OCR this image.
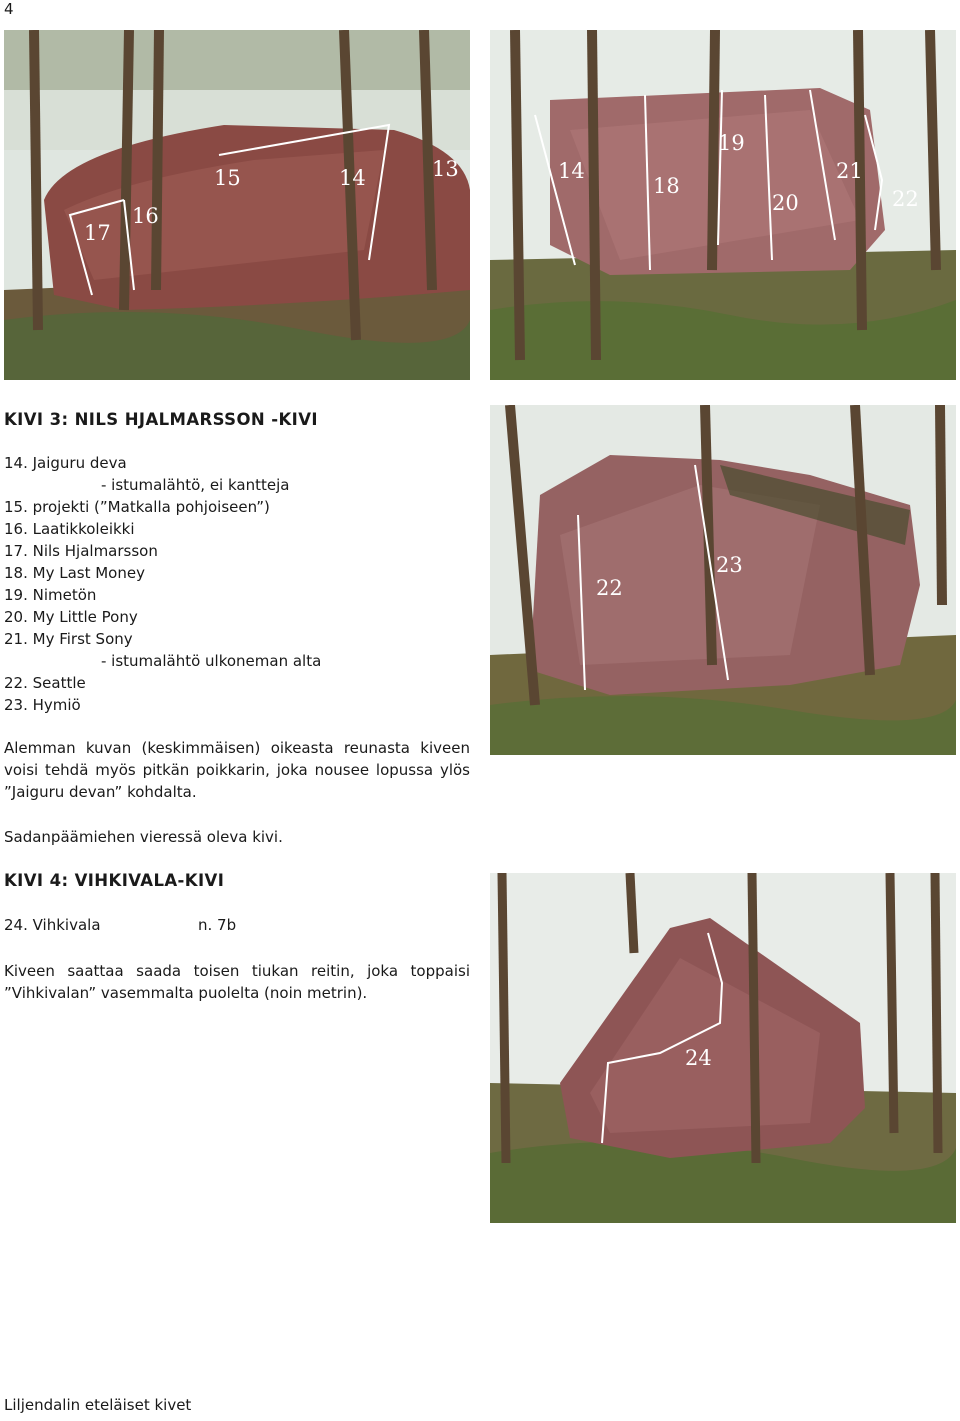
4
17
16
15	14	13	14
18
19
20
21
22
KIVI 3: NILS HJALMARSSON -KIVI
14. Jaiguru deva
- istumalähtö, ei kantteja
15. projekti (”Matkalla pohjoiseen”)
16. Laatikkoleikki
17. Nils Hjalmarsson
18. My Last Money
19. Nimetön
20. My Little Pony
21. My First Sony
- istumalähtö ulkoneman alta
22. Seattle
23. Hymiö
22
23
Alemman kuvan (keskimmäisen) oikeasta reunasta kiveen voisi tehdä myös pitkän poikkarin, joka nousee lopussa ylös ”Jaiguru devan” kohdalta.
Sadanpäämiehen vieressä oleva kivi.
KIVI 4: VIHKIVALA-KIVI
24. Vihkivala	n. 7b
Kiveen saattaa saada toisen tiukan reitin, joka toppaisi ”Vihkivalan” vasemmalta puolelta (noin metrin).
24
Liljendalin eteläiset kivet
